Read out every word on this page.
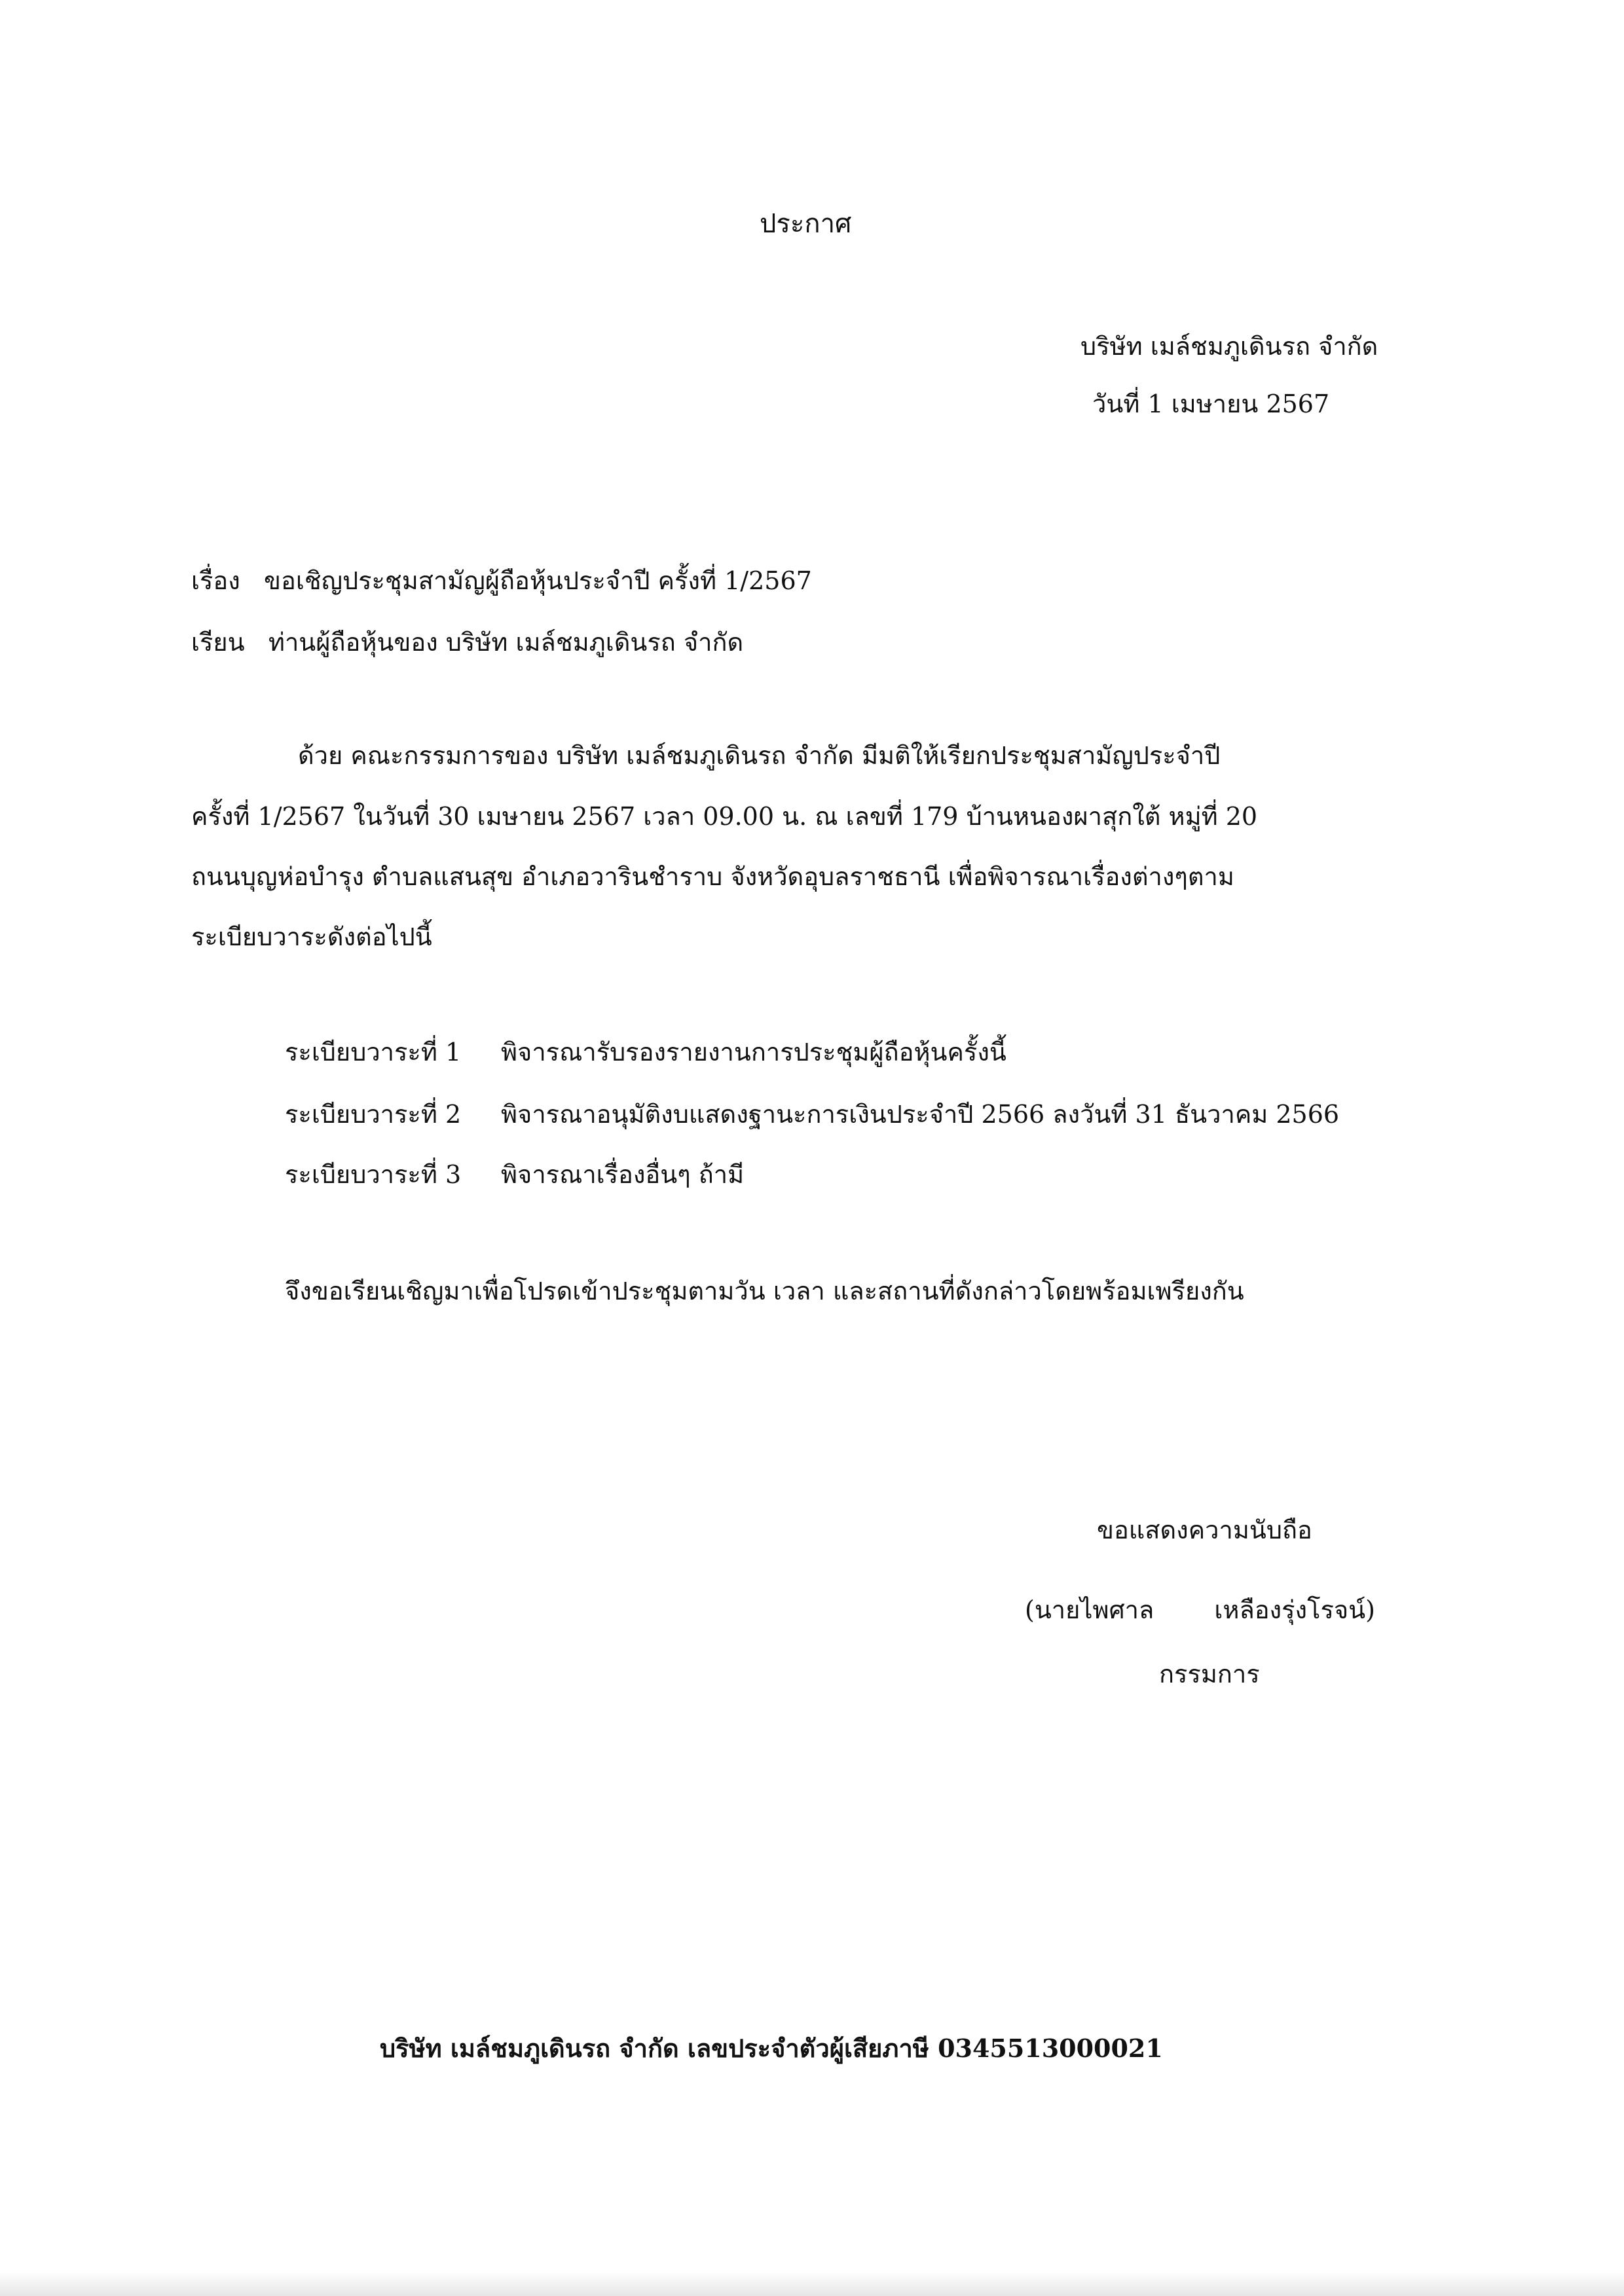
ประกาศ
บริษัท เมล์ชมภูเดินรถ จำกัด
วันที่ 1 เมษายน 2567
เรื่อง ขอเชิญประชุมสามัญผู้ถือหุ้นประจำปี ครั้งที่ 1/2567
เรียน ท่านผู้ถือหุ้นของ บริษัท เมล์ชมภูเดินรถ จำกัด
ด้วย คณะกรรมการของ บริษัท เมล์ชมภูเดินรถ จำกัด มีมติให้เรียกประชุมสามัญประจำปี
ครั้งที่ 1/2567 ในวันที่ 30 เมษายน 2567 เวลา 09.00 น. ณ เลขที่ 179 บ้านหนองผาสุกใต้ หมู่ที่ 20
ถนนบุญห่อบำรุง ตำบลแสนสุข อำเภอวารินชำราบ จังหวัดอุบลราชธานี เพื่อพิจารณาเรื่องต่างๆตาม
ระเบียบวาระดังต่อไปนี้
ระเบียบวาระที่ 1 พิจารณารับรองรายงานการประชุมผู้ถือหุ้นครั้งนี้
ระเบียบวาระที่ 2 พิจารณาอนุมัติงบแสดงฐานะการเงินประจำปี 2566 ลงวันที่ 31 ธันวาคม 2566
ระเบียบวาระที่ 3 พิจารณาเรื่องอื่นๆ ถ้ามี
จึงขอเรียนเชิญมาเพื่อโปรดเข้าประชุมตามวัน เวลา และสถานที่ดังกล่าวโดยพร้อมเพรียงกัน
ขอแสดงความนับถือ
(นายไพศาล เหลืองรุ่งโรจน์)
กรรมการ
บริษัท เมล์ชมภูเดินรถ จำกัด เลขประจำตัวผู้เสียภาษี 0345513000021
